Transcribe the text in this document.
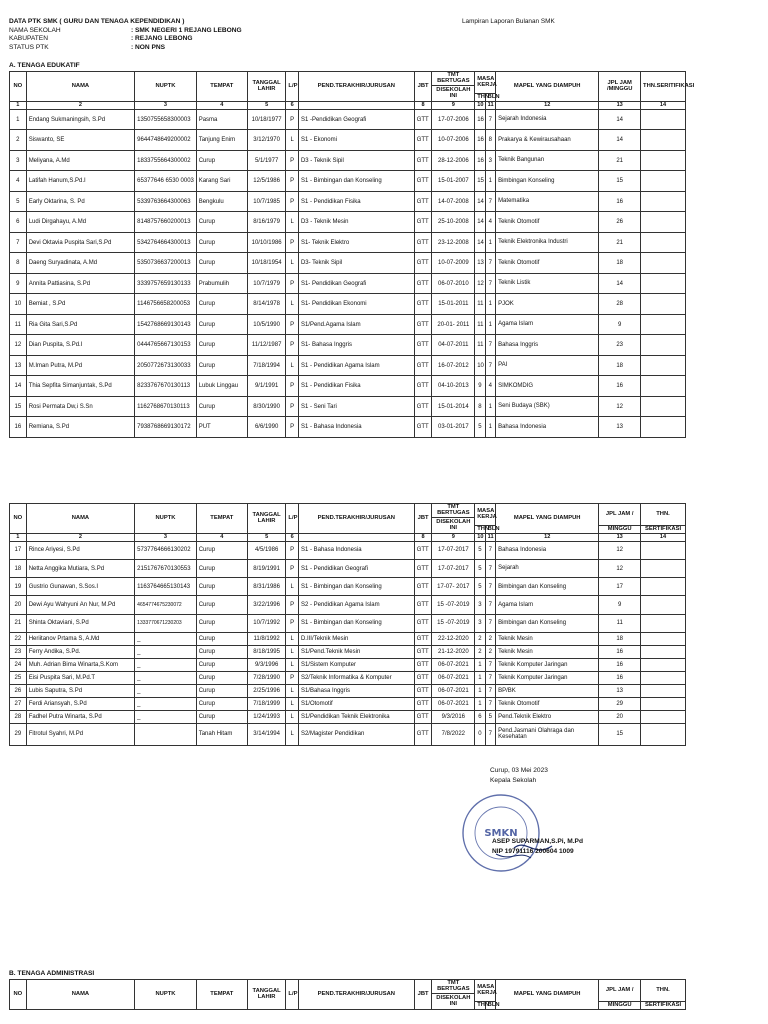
DATA PTK SMK ( GURU DAN TENAGA KEPENDIDIKAN )
NAMA SEKOLAH	: SMK NEGERI 1 REJANG LEBONG
KABUPATEN	: REJANG LEBONG
STATUS PTK	: NON PNS
Lampiran Laporan Bulanan SMK
A. TENAGA EDUKATIF
NO	NAMA	NUPTK	TEMPAT	TANGGAL LAHIR	L/P	PEND.TERAKHIR/JURUSAN	JBT	TMT BERTUGAS	MASA KERJA		MAPEL YANG DIAMPUH	JPL JAM /MINGGU	THN.SERITIFIKASI
								DISEKOLAH INI					
									THN	BLN			
1	2	3	4	5	6		8	9	10	11	12	13	14
1	Endang Sukmaningsih, S.Pd	1350755658300003	Pasma	10/18/1977	P	S1 -Pendidikan Geografi	GTT	17-07-2006	16	7	Sejarah Indonesia	14	
2	Siswanto, SE	9644748649200002	Tanjung Enim	3/12/1970	L	S1 - Ekonomi	GTT	10-07-2006	16	8	Prakarya & Kewirausahaan	14	
3	Meliyana, A.Md	1833755664300002	Curup	5/1/1977	P	D3 - Teknik Sipil	GTT	28-12-2006	16	3	Teknik Bangunan	21	
4	Latifah Hanum,S.Pd.I	65377646 6530 0003	Karang Sari	12/5/1986	P	S1 - Bimbingan dan Konseling	GTT	15-01-2007	15	1	Bimbingan Konseling	15	
5	Early Oktarina, S. Pd	5339763664300063	Bengkulu	10/7/1985	P	S1 - Pendidikan Fisika	GTT	14-07-2008	14	7	Matematika	16	
6	Ludi Dirgahayu, A.Md	8148757660200013	Curup	8/16/1979	L	D3 - Teknik Mesin	GTT	25-10-2008	14	4	Teknik Otomotif	26	
7	Devi Oktavia Puspita Sari,S.Pd	5342764664300013	Curup	10/10/1986	P	S1- Teknik Elektro	GTT	23-12-2008	14	1	Teknik Elektronika Industri	21	
8	Daeng Suryadinata, A.Md	5350736637200013	Curup	10/18/1954	L	D3- Teknik Sipil	GTT	10-07-2009	13	7	Teknik Otomotif	18	
9	Annita Pattiasina, S.Pd	3339757659130133	Prabumulih	10/7/1979	P	S1- Pendidikan Geografi	GTT	06-07-2010	12	7	Teknik Listik	14	
10	Bemiat , S.Pd	1146756658200053	Curup	8/14/1978	L	S1- Pendidikan Ekonomi	GTT	15-01-2011	11	1	PJOK	28	
11	Ria Gita Sari,S.Pd	1542768669130143	Curup	10/5/1990	P	S1/Pend.Agama Islam	GTT	20-01- 2011	11	1	Agama Islam	9	
12	Dian Puspita, S.Pd.I	0444765667130153	Curup	11/12/1987	P	S1- Bahasa Inggris	GTT	04-07-2011	11	7	Bahasa Inggris	23	
13	M.Iman Putra, M.Pd	2050772673130033	Curup	7/18/1994	L	S1 - Pendidikan Agama Islam	GTT	16-07-2012	10	7	PAI	18	
14	Thia Sepfita Simanjuntak, S.Pd	8233767670130113	Lubuk Linggau	9/1/1991	P	S1 - Pendidikan Fisika	GTT	04-10-2013	9	4	SIMKOMDIG	16	
15	Rosi Permata Dw,i S.Sn	1162768670130113	Curup	8/30/1990	P	S1 - Seni Tari	GTT	15-01-2014	8	1	Seni Budaya (SBK)	12	
16	Remiana, S.Pd	7938768669130172	PUT	6/6/1990	P	S1 - Bahasa Indonesia	GTT	03-01-2017	5	1	Bahasa Indonesia	13	
NO	NAMA	NUPTK	TEMPAT	TANGGAL LAHIR	L/P	PEND.TERAKHIR/JURUSAN	JBT	TMT BERTUGAS	MASA KERJA		MAPEL YANG DIAMPUH	JPL JAM /	THN.
								DISEKOLAH INI					
									THN	BLN		MINGGU	SERTIFIKASI
1	2	3	4	5	6		8	9	10	11	12	13	14
17	Rince Ariyesi, S.Pd	5737764666130202	Curup	4/5/1986	P	S1 - Bahasa Indonesia	GTT	17-07-2017	5	7	Bahasa Indonesia	12	
18	Netta Anggika Mutiara, S.Pd	2151767670130553	Curup	8/19/1991	P	S1 - Pendidikan Geografi	GTT	17-07-2017	5	7	Sejarah	12	
19	Gustrio Gunawan, S.Sos.I	1163764665130143	Curup	8/31/1986	L	S1 - Bimbingan dan Konseling	GTT	17-07- 2017	5	7	Bimbingan dan Konseling	17	
20	Dewi Ayu Wahyuni An Nur, M.Pd	4654774675230072	Curup	3/22/1996	P	S2 - Pendidikan Agama Islam	GTT	15 -07-2019	3	7	Agama Islam	9	
21	Shinta Oktaviani, S.Pd	1333770671230203	Curup	10/7/1992	P	S1 - Bimbingan dan Konseling	GTT	15 -07-2019	3	7	Bimbingan dan Konseling	11	
22	Heriitanov Prtama S, A.Md	_	Curup	11/8/1992	L	D.III/Teknik Mesin	GTT	22-12-2020	2	2	Teknik Mesin	18	
23	Ferry Andika, S.Pd.	_	Curup	8/18/1995	L	S1/Pend.Teknik Mesin	GTT	21-12-2020	2	2	Teknik Mesin	16	
24	Muh. Adrian Bima Winarta,S.Kom	_	Curup	9/3/1996	L	S1/Sistem Komputer	GTT	06-07-2021	1	7	Teknik Komputer Jaringan	16	
25	Eisi Puspita Sari, M.Pd.T	_	Curup	7/28/1990	P	S2/Teknik Informatika & Komputer	GTT	06-07-2021	1	7	Teknik Komputer Jaringan	16	
26	Lubis Saputra, S.Pd	_	Curup	2/25/1996	L	S1/Bahasa Inggris	GTT	06-07-2021	1	7	BP/BK	13	
27	Ferdi Ariansyah, S.Pd	_	Curup	7/18/1999	L	S1/Otomotif	GTT	06-07-2021	1	7	Teknik Otomotif	29	
28	Fadhel Putra Winarta, S.Pd	_	Curup	1/24/1993	L	S1/Pendidikan Teknik Elektronika	GTT	9/3/2016	6	5	Pend.Teknik Elektro	20	
29	Fitrotul Syahri, M.Pd		Tanah Hitam	3/14/1994	L	S2/Magister Pendidikan	GTT	7/8/2022	0	7	Pend.Jasmani Olahraga dan Kesehatan	15	
Curup, 03 Mei 2023
Kepala Sekolah
SMKN
ASEP SUPARMAN,S.Pi, M.Pd
NIP 19791116 200604 1009
B. TENAGA ADMINISTRASI
NO	NAMA	NUPTK	TEMPAT	TANGGAL LAHIR	L/P	PEND.TERAKHIR/JURUSAN	JBT	TMT BERTUGAS	MASA KERJA		MAPEL YANG DIAMPUH	JPL JAM /	THN.
								DISEKOLAH INI					
									THN	BLN		MINGGU	SERTIFIKASI
